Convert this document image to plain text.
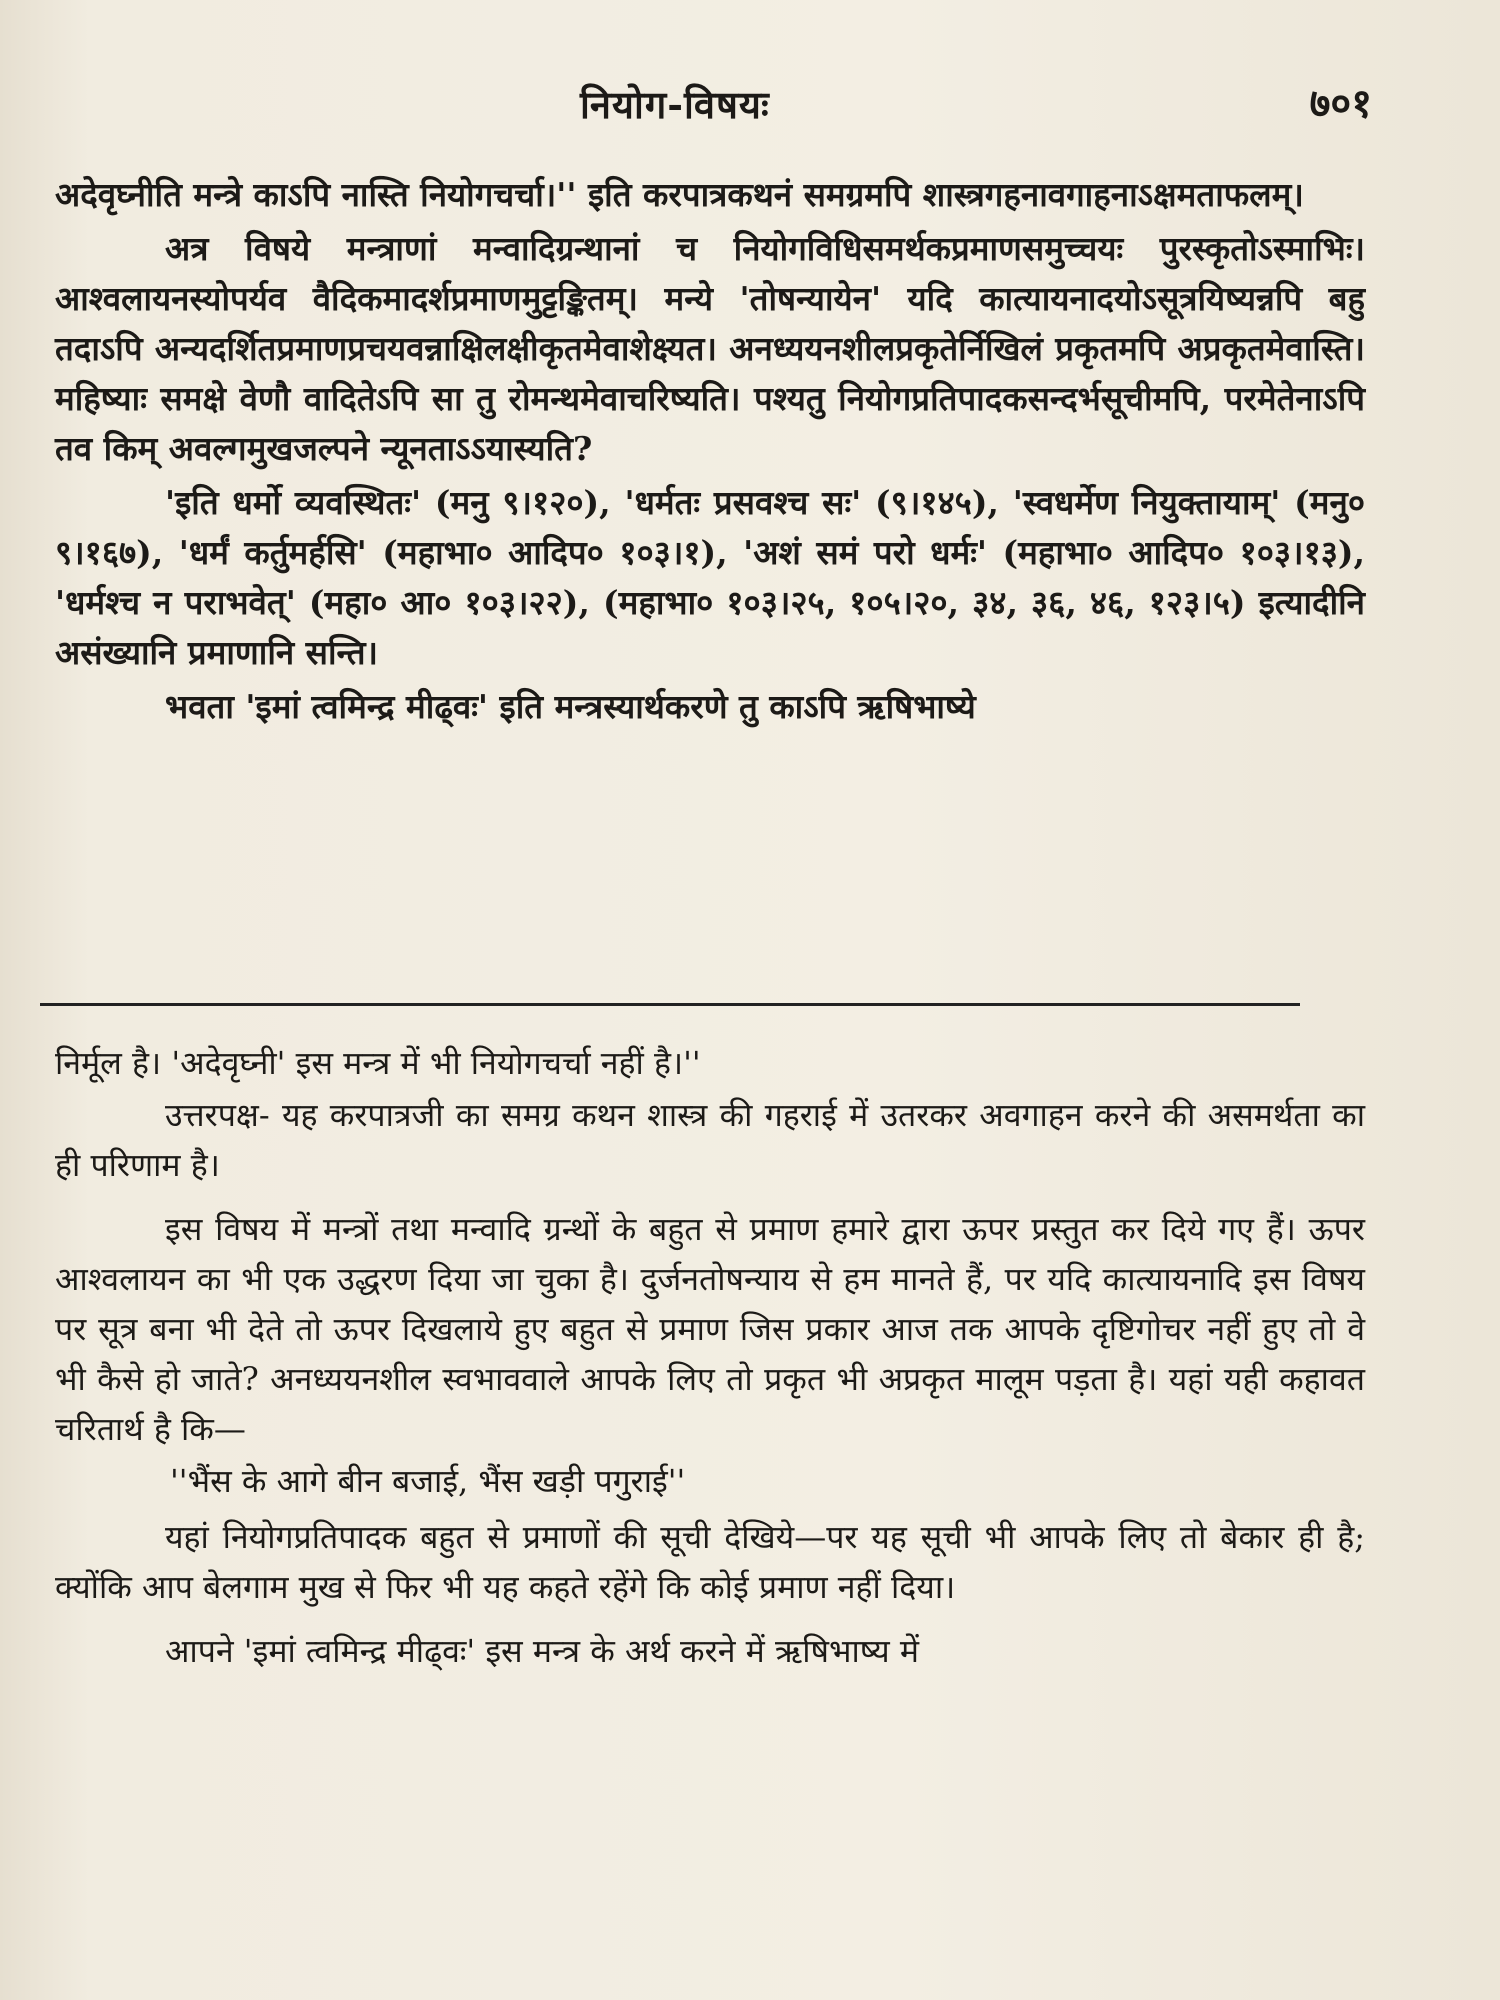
नियोग-विषयः	७०१

अदेवृघ्नीति मन्त्रे काऽपि नास्ति नियोगचर्चा।'' इति करपात्रकथनं समग्रमपि शास्त्रगहनावगाहनाऽक्षमताफलम्।

अत्र विषये मन्त्राणां मन्वादिग्रन्थानां च नियोगविधिसमर्थकप्रमाणसमुच्चयः पुरस्कृतोऽस्माभिः। आश्वलायनस्योपर्यव वैदिकमादर्शप्रमाणमुट्टङ्कितम्। मन्ये 'तोषन्यायेन' यदि कात्यायनादयोऽसूत्रयिष्यन्नपि बहु तदाऽपि अन्यदर्शितप्रमाणप्रचयवन्नाक्षिलक्षीकृतमेवाशेक्ष्यत। अनध्ययनशीलप्रकृतेर्निखिलं प्रकृतमपि अप्रकृतमेवास्ति। महिष्याः समक्षे वेणौ वादितेऽपि सा तु रोमन्थमेवाचरिष्यति। पश्यतु नियोगप्रतिपादकसन्दर्भसूचीमपि, परमेतेनाऽपि तव किम् अवल्गमुखजल्पने न्यूनताऽऽयास्यति?

'इति धर्मो व्यवस्थितः' (मनु ९।१२०), 'धर्मतः प्रसवश्च सः' (९।१४५), 'स्वधर्मेण नियुक्तायाम्' (मनु० ९।१६७), 'धर्मं कर्तुमर्हसि' (महाभा० आदिप० १०३।१), 'अशं समं परो धर्मः' (महाभा० आदिप० १०३।१३), 'धर्मश्च न पराभवेत्' (महा० आ० १०३।२२), (महाभा० १०३।२५, १०५।२०, ३४, ३६, ४६, १२३।५) इत्यादीनि असंख्यानि प्रमाणानि सन्ति।

भवता 'इमां त्वमिन्द्र मीढ्वः' इति मन्त्रस्यार्थकरणे तु काऽपि ऋषिभाष्ये

निर्मूल है। 'अदेवृघ्नी' इस मन्त्र में भी नियोगचर्चा नहीं है।''

उत्तरपक्ष- यह करपात्रजी का समग्र कथन शास्त्र की गहराई में उतरकर अवगाहन करने की असमर्थता का ही परिणाम है।

इस विषय में मन्त्रों तथा मन्वादि ग्रन्थों के बहुत से प्रमाण हमारे द्वारा ऊपर प्रस्तुत कर दिये गए हैं। ऊपर आश्वलायन का भी एक उद्धरण दिया जा चुका है। दुर्जनतोषन्याय से हम मानते हैं, पर यदि कात्यायनादि इस विषय पर सूत्र बना भी देते तो ऊपर दिखलाये हुए बहुत से प्रमाण जिस प्रकार आज तक आपके दृष्टिगोचर नहीं हुए तो वे भी कैसे हो जाते? अनध्ययनशील स्वभाववाले आपके लिए तो प्रकृत भी अप्रकृत मालूम पड़ता है। यहां यही कहावत चरितार्थ है कि—

''भैंस के आगे बीन बजाई, भैंस खड़ी पगुराई''

यहां नियोगप्रतिपादक बहुत से प्रमाणों की सूची देखिये—पर यह सूची भी आपके लिए तो बेकार ही है; क्योंकि आप बेलगाम मुख से फिर भी यह कहते रहेंगे कि कोई प्रमाण नहीं दिया।

आपने 'इमां त्वमिन्द्र मीढ्वः' इस मन्त्र के अर्थ करने में ऋषिभाष्य में
